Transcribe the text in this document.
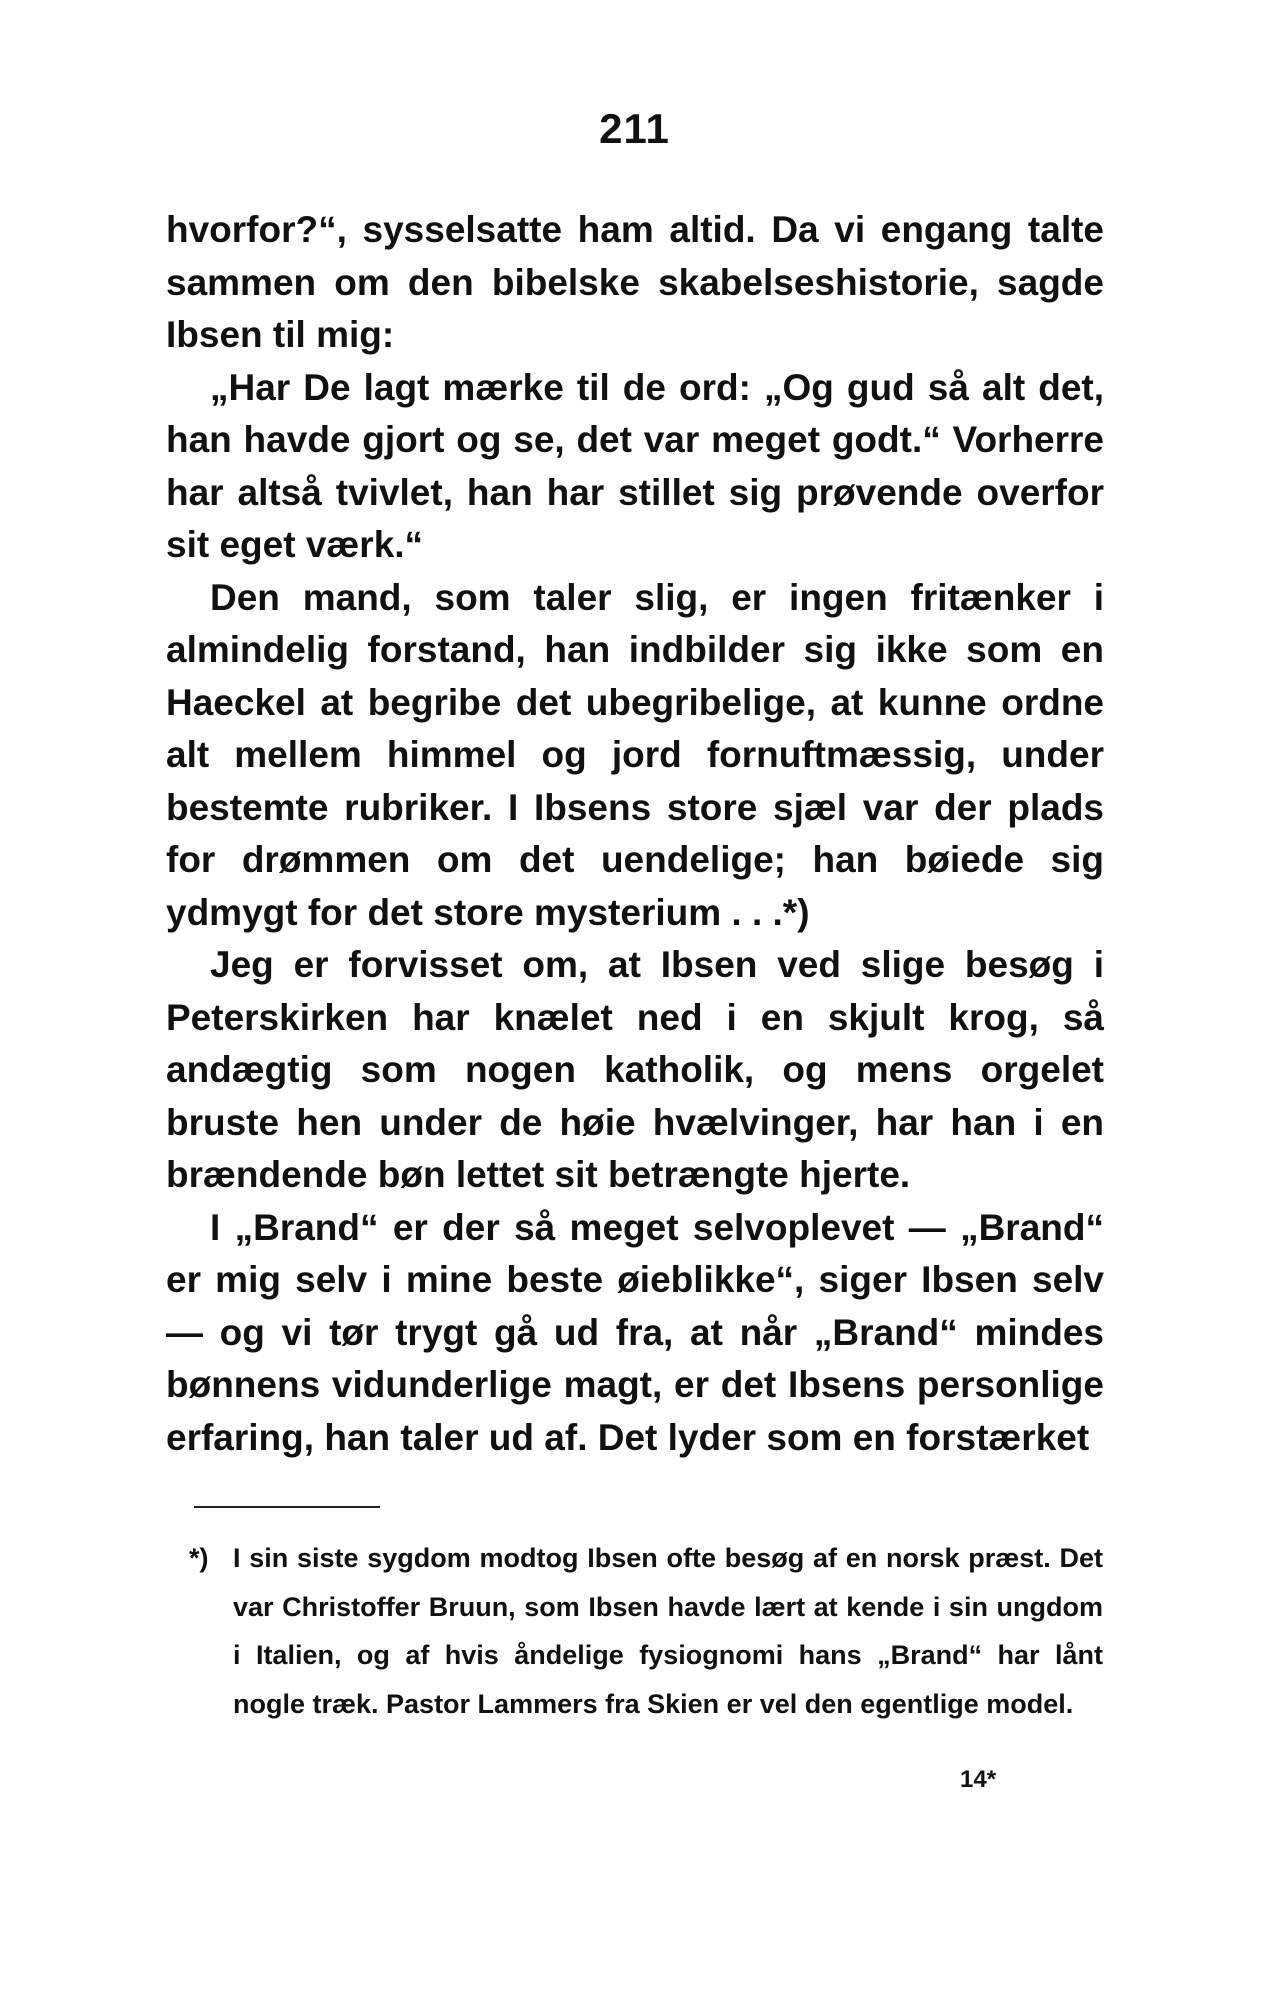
211

hvorfor?“, sysselsatte ham altid. Da vi engang talte sammen om den bibelske skabelseshistorie, sagde Ibsen til mig:

„Har De lagt mærke til de ord: „Og gud så alt det, han havde gjort og se, det var meget godt.“ Vorherre har altså tvivlet, han har stillet sig prøvende overfor sit eget værk.“

Den mand, som taler slig, er ingen fritænker i almindelig forstand, han indbilder sig ikke som en Haeckel at begribe det ubegribelige, at kunne ordne alt mellem himmel og jord fornuftmæssig, under bestemte rubriker. I Ibsens store sjæl var der plads for drømmen om det uendelige; han bøiede sig ydmygt for det store mysterium . . .*)

Jeg er forvisset om, at Ibsen ved slige besøg i Peterskirken har knælet ned i en skjult krog, så andægtig som nogen katholik, og mens orgelet bruste hen under de høie hvælvinger, har han i en brændende bøn lettet sit betrængte hjerte.

I „Brand“ er der så meget selvoplevet — „Brand“ er mig selv i mine beste øieblikke“, siger Ibsen selv — og vi tør trygt gå ud fra, at når „Brand“ mindes bønnens vidunderlige magt, er det Ibsens personlige erfaring, han taler ud af. Det lyder som en forstærket

*) I sin siste sygdom modtog Ibsen ofte besøg af en norsk præst. Det var Christoffer Bruun, som Ibsen havde lært at kende i sin ungdom i Italien, og af hvis åndelige fysiognomi hans „Brand“ har lånt nogle træk. Pastor Lammers fra Skien er vel den egentlige model.
14*
